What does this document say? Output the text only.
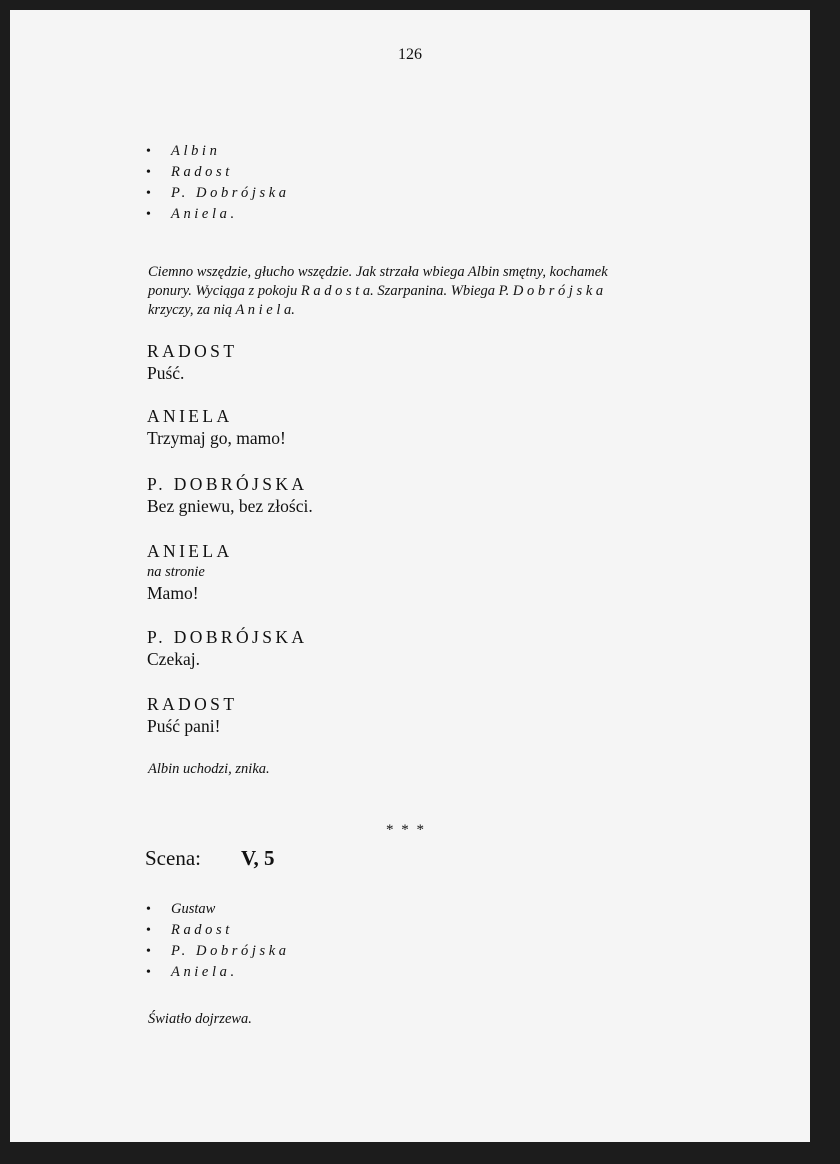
126
• Albin
• Radost
• P. Dobrójska
• Aniela.
Ciemno wszędzie, głucho wszędzie. Jak strzała wbiega Albin smętny, kochamek
ponury. Wyciąga z pokoju R a d o s t a. Szarpanina. Wbiega P. D o b r ó j s k a
krzyczy, za nią A n i e l a.
RADOST
Puść.
ANIELA
Trzymaj go, mamo!
P. DOBRÓJSKA
Bez gniewu, bez złości.
ANIELA
na stronie
Mamo!
P. DOBRÓJSKA
Czekaj.
RADOST
Puść pani!
Albin uchodzi, znika.
* * *
Scena: V, 5
• Gustaw
• Radost
• P. Dobrójska
• Aniela.
Światło dojrzewa.
